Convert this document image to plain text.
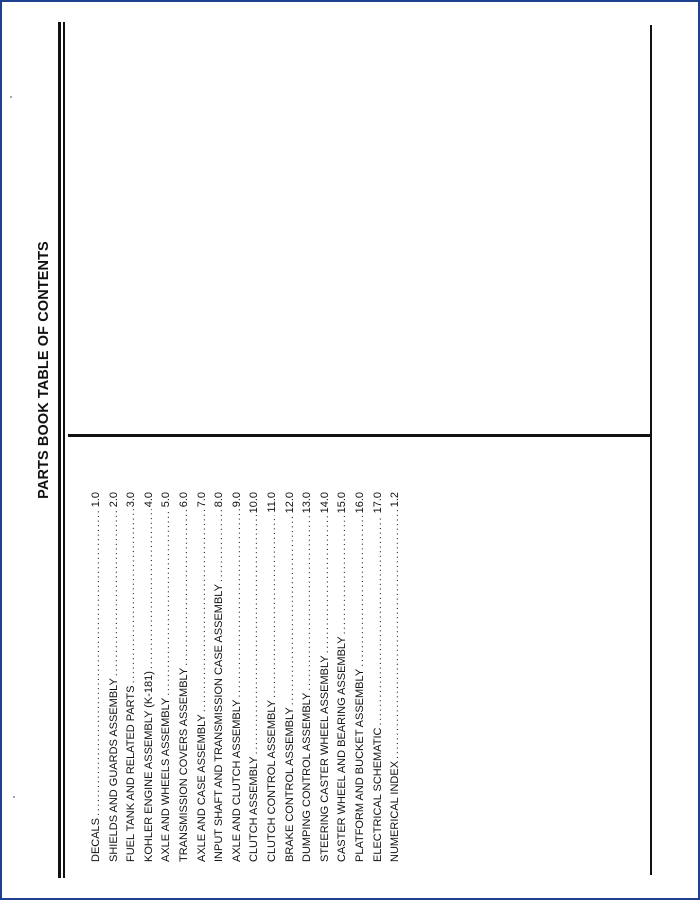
PARTS BOOK TABLE OF CONTENTS
DECALS
.....
1.0
SHIELDS AND GUARDS ASSEMBLY
.....
2.0
FUEL TANK AND RELATED PARTS
.....
3.0
KOHLER ENGINE ASSEMBLY (K-181)
.....
4.0
AXLE AND WHEELS ASSEMBLY
.....
5.0
TRANSMISSION COVERS ASSEMBLY
.....
6.0
AXLE AND CASE ASSEMBLY
.....
7.0
INPUT SHAFT AND TRANSMISSION CASE ASSEMBLY
.....
8.0
AXLE AND CLUTCH ASSEMBLY
.....
9.0
CLUTCH ASSEMBLY
.....
10.0
CLUTCH CONTROL ASSEMBLY
.....
11.0
BRAKE CONTROL ASSEMBLY
.....
12.0
DUMPING CONTROL ASSEMBLY
.....
13.0
STEERING CASTER WHEEL ASSEMBLY
.....
14.0
CASTER WHEEL AND BEARING ASSEMBLY
.....
15.0
PLATFORM AND BUCKET ASSEMBLY
.....
16.0
ELECTRICAL SCHEMATIC
.....
17.0
NUMERICAL INDEX
.....
1.2
